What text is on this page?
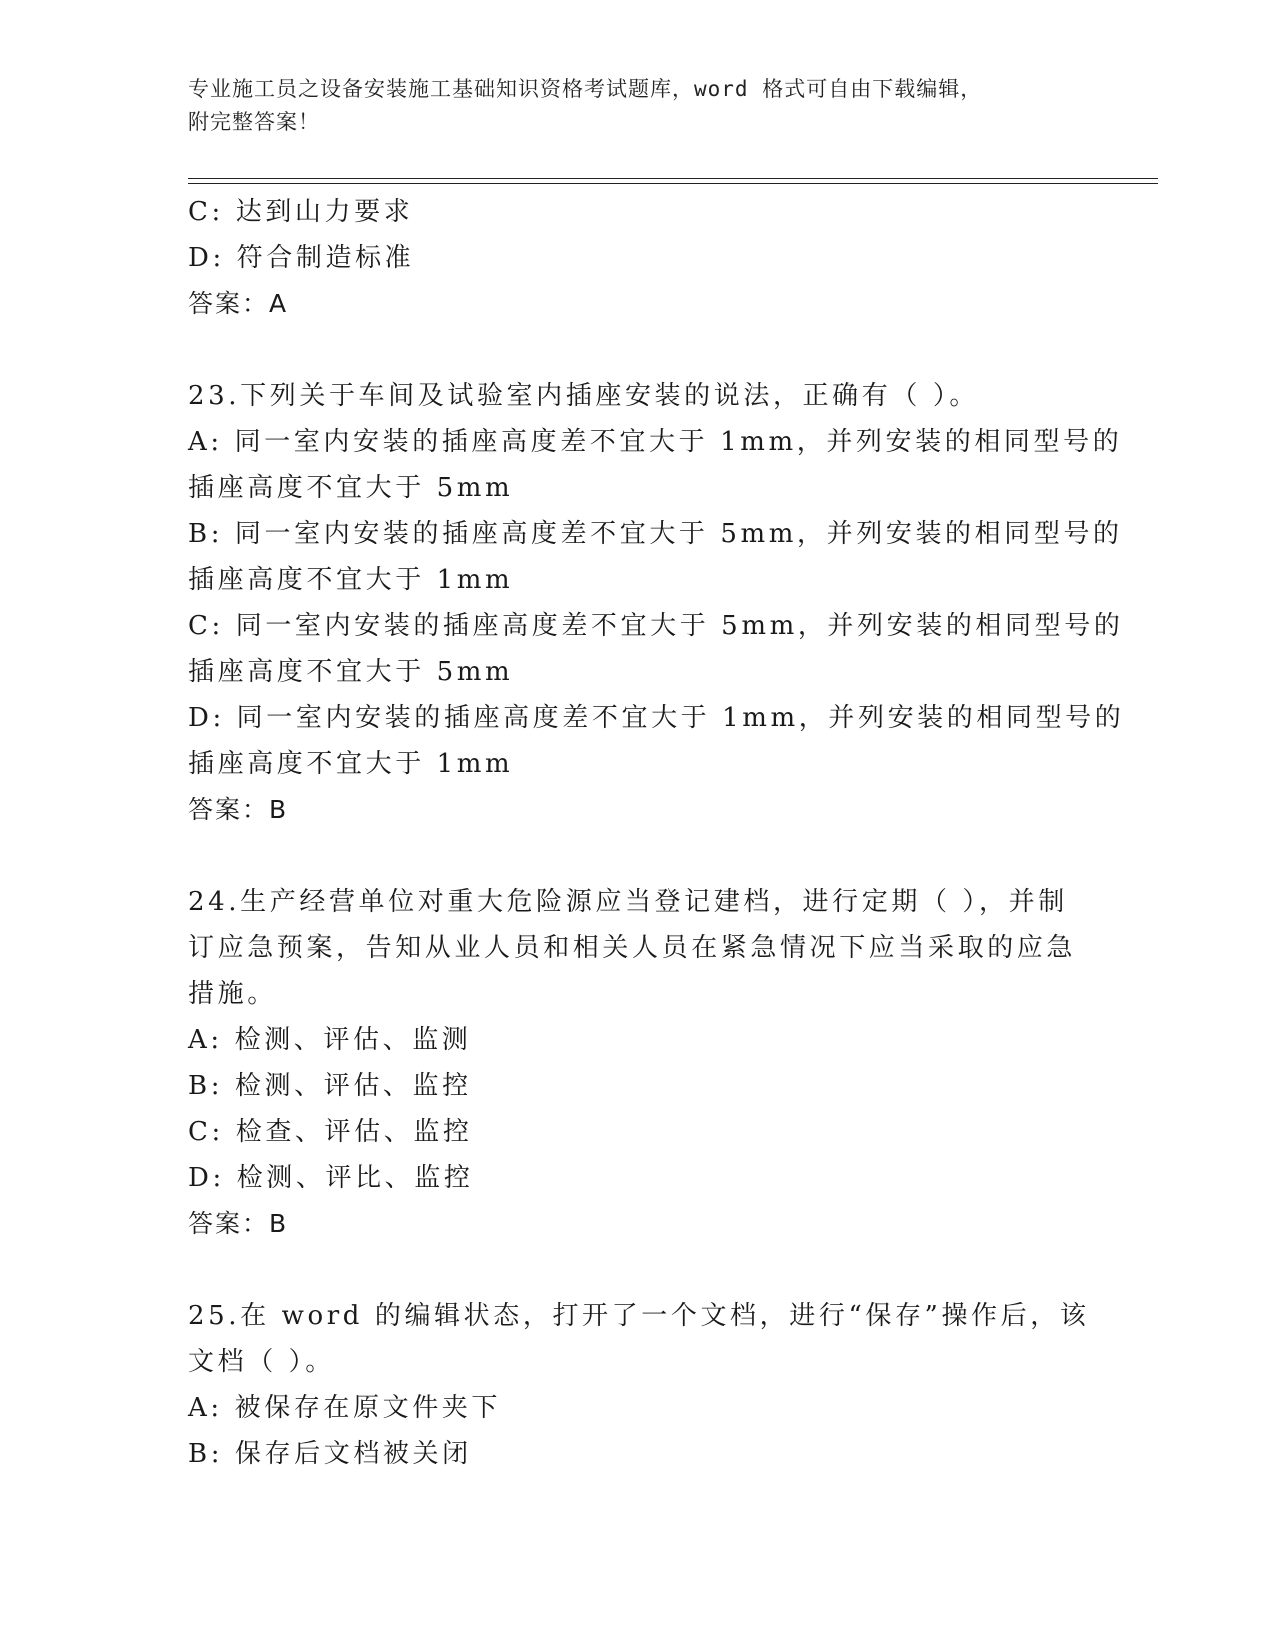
专业施工员之设备安装施工基础知识资格考试题库，word 格式可自由下载编辑，
附完整答案！
C: 达到山力要求
D: 符合制造标准
答案：A
23.下列关于车间及试验室内插座安装的说法，正确有（ ）。
A: 同一室内安装的插座高度差不宜大于 1mm，并列安装的相同型号的
插座高度不宜大于 5mm
B: 同一室内安装的插座高度差不宜大于 5mm，并列安装的相同型号的
插座高度不宜大于 1mm
C: 同一室内安装的插座高度差不宜大于 5mm，并列安装的相同型号的
插座高度不宜大于 5mm
D: 同一室内安装的插座高度差不宜大于 1mm，并列安装的相同型号的
插座高度不宜大于 1mm
答案：B
24.生产经营单位对重大危险源应当登记建档，进行定期（ ），并制
订应急预案，告知从业人员和相关人员在紧急情况下应当采取的应急
措施。
A: 检测、评估、监测
B: 检测、评估、监控
C: 检查、评估、监控
D: 检测、评比、监控
答案：B
25.在 word 的编辑状态，打开了一个文档，进行“保存”操作后，该
文档（ ）。
A: 被保存在原文件夹下
B: 保存后文档被关闭
